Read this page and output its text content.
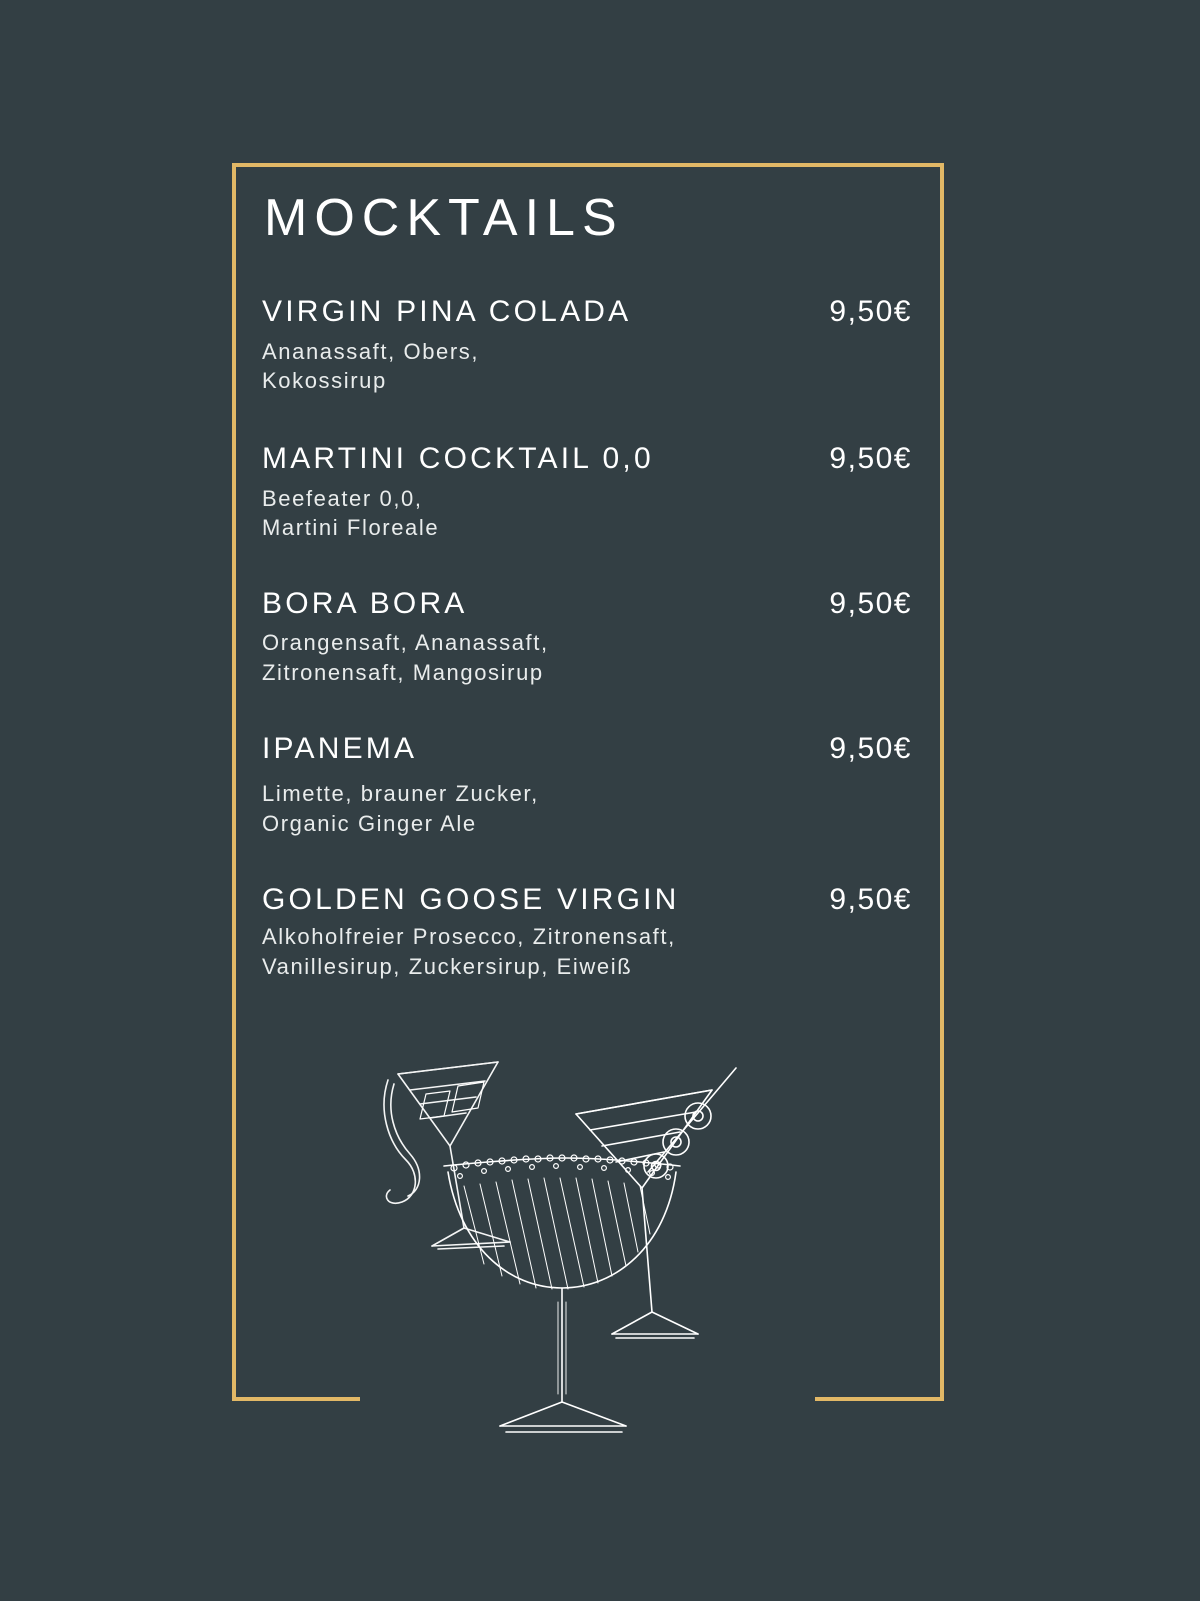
MOCKTAILS
VIRGIN PINA COLADA	9,50€
Ananassaft, Obers,
Kokossirup
MARTINI COCKTAIL 0,0	9,50€
Beefeater 0,0,
Martini Floreale
BORA BORA	9,50€
Orangensaft, Ananassaft,
Zitronensaft, Mangosirup
IPANEMA	9,50€
Limette, brauner Zucker,
Organic Ginger Ale
GOLDEN GOOSE VIRGIN	9,50€
Alkoholfreier Prosecco, Zitronensaft,
Vanillesirup, Zuckersirup, Eiweiß
